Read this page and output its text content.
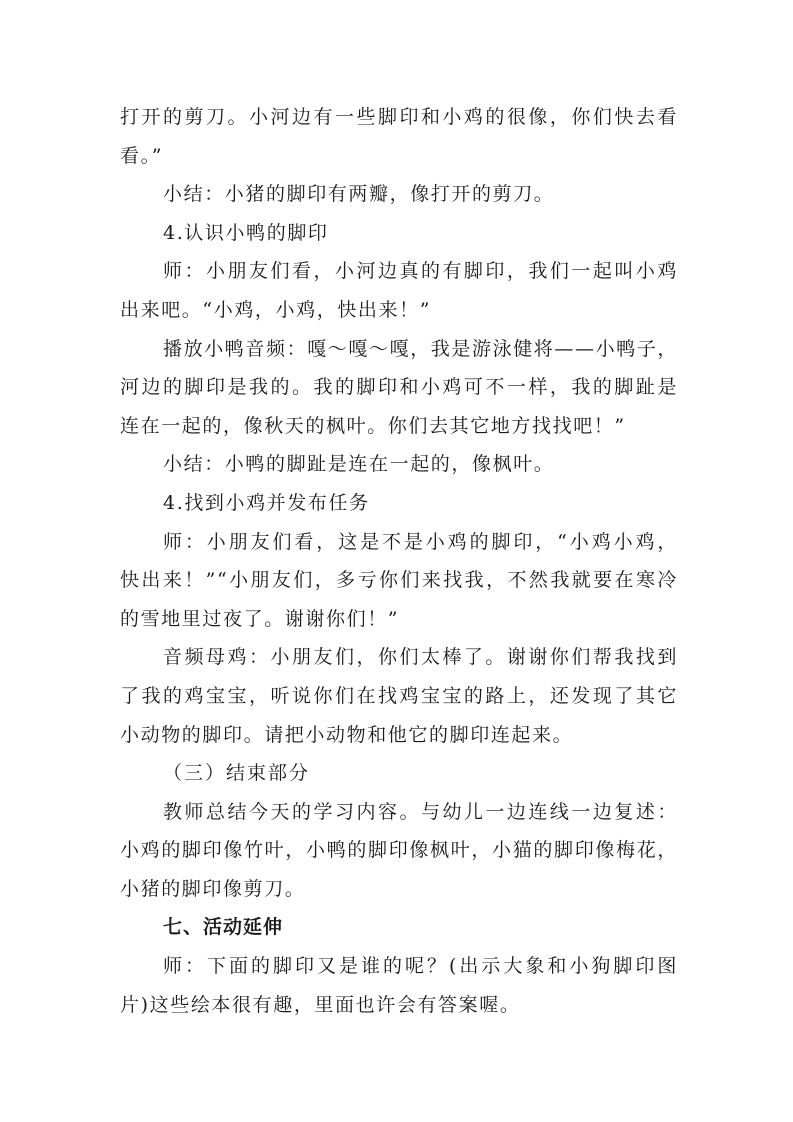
打开的剪刀。小河边有一些脚印和小鸡的很像，你们快去看
看。”
小结：小猪的脚印有两瓣，像打开的剪刀。
4.认识小鸭的脚印
师：小朋友们看，小河边真的有脚印，我们一起叫小鸡
出来吧。“小鸡，小鸡，快出来！”
播放小鸭音频：嘎～嘎～嘎，我是游泳健将——小鸭子，
河边的脚印是我的。我的脚印和小鸡可不一样，我的脚趾是
连在一起的，像秋天的枫叶。你们去其它地方找找吧！”
小结：小鸭的脚趾是连在一起的，像枫叶。
4.找到小鸡并发布任务
师：小朋友们看，这是不是小鸡的脚印，“小鸡小鸡，
快出来！”“小朋友们，多亏你们来找我，不然我就要在寒冷
的雪地里过夜了。谢谢你们！”
音频母鸡：小朋友们，你们太棒了。谢谢你们帮我找到
了我的鸡宝宝，听说你们在找鸡宝宝的路上，还发现了其它
小动物的脚印。请把小动物和他它的脚印连起来。
（三）结束部分
教师总结今天的学习内容。与幼儿一边连线一边复述：
小鸡的脚印像竹叶，小鸭的脚印像枫叶，小猫的脚印像梅花，
小猪的脚印像剪刀。
七、活动延伸
师：下面的脚印又是谁的呢？(出示大象和小狗脚印图
片)这些绘本很有趣，里面也许会有答案喔。
